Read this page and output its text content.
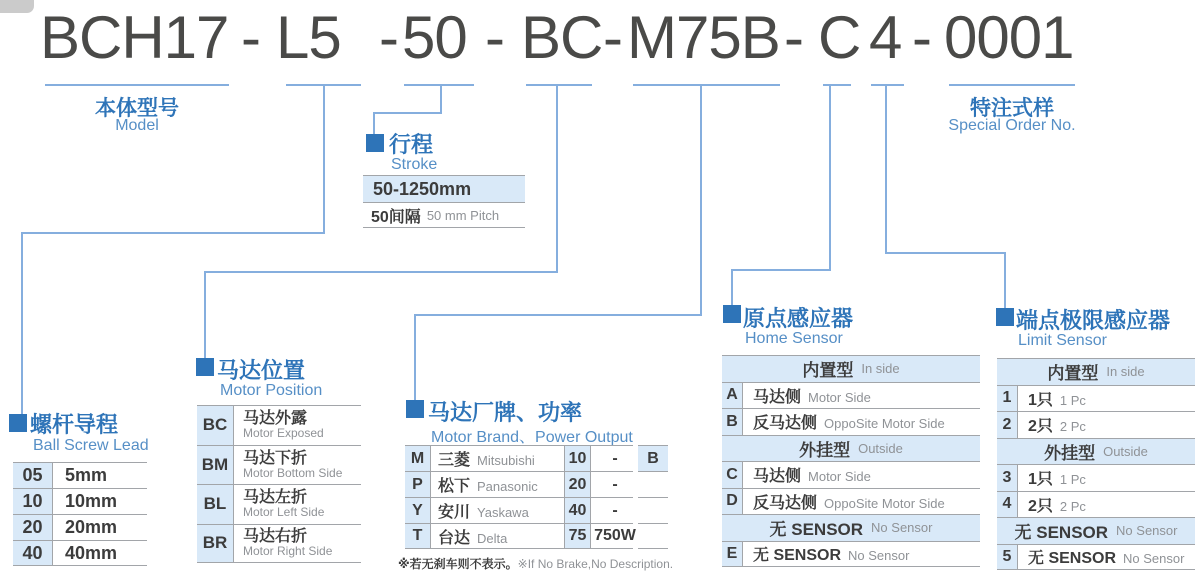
BCH17 - L5 - 50 - BC - M75B - C 4 - 0001
本体型号
Model
特注式样
Special Order No.
行程
Stroke
50-1250mm
50间隔 50 mm Pitch
螺杆导程
Ball Screw Lead
05	5mm
10	10mm
20	20mm
40	40mm
马达位置
Motor Position
BC 马达外露
Motor Exposed
BM 马达下折
Motor Bottom Side
BL	马达左折
Motor Left Side
BR 马达右折
Motor Right Side
马达厂牌、功率
Motor Brand、Power Output
M 三菱 Mitsubishi 10	-
P 松下 Panasonic 20	-
Y 安川 Yaskawa 40	-
T 台达 Delta	75 750W
B
※若无刹车则不表示。※If No Brake,No Description.
原点感应器
Home Sensor
内置型 In side
A 马达侧 Motor Side
B 反马达侧 OppoSite Motor Side
外挂型 Outside
C 马达侧 Motor Side
D 反马达侧 OppoSite Motor Side
无 SENSOR No Sensor
E 无 SENSOR No Sensor
端点极限感应器
Limit Sensor
内置型 In side
1	1只 1 Pc
2	2只 2 Pc
外挂型 Outside
3	1只 1 Pc
4	2只 2 Pc
无 SENSOR No Sensor
5	无 SENSOR No Sensor
